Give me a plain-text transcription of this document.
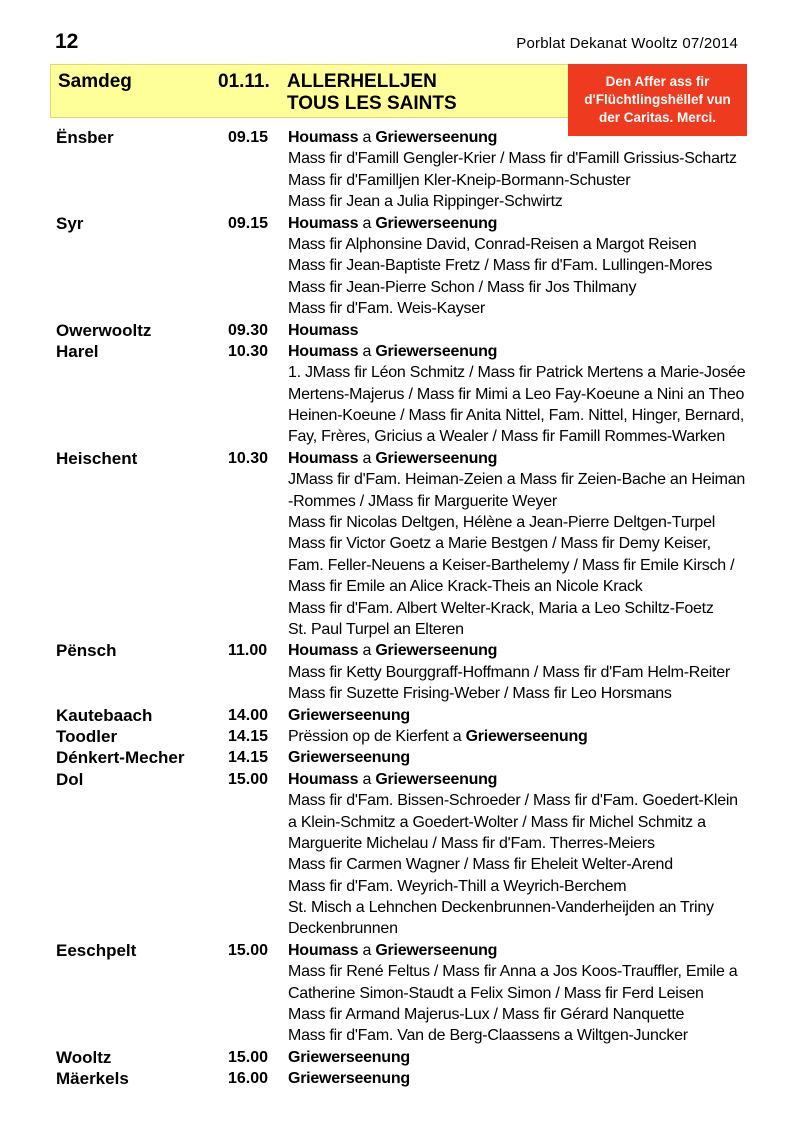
12	Porblat Dekanat Wooltz 07/2014
Samdeg	01.11. ALLERHELLJEN
TOUS LES SAINTS
Den Affer ass fir
d'Flüchtlingshëllef vun
der Caritas. Merci.
Ënsber	09.15	Houmass a Griewerseenung
Mass fir d'Famill Gengler-Krier / Mass fir d'Famill Grissius-Schartz
Mass fir d'Familljen Kler-Kneip-Bormann-Schuster
Mass fir Jean a Julia Rippinger-Schwirtz
Syr	09.15	Houmass a Griewerseenung
Mass fir Alphonsine David, Conrad-Reisen a Margot Reisen
Mass fir Jean-Baptiste Fretz / Mass fir d'Fam. Lullingen-Mores
Mass fir Jean-Pierre Schon / Mass fir Jos Thilmany
Mass fir d'Fam. Weis-Kayser
Owerwooltz	09.30	Houmass
Harel	10.30	Houmass a Griewerseenung
1. JMass fir Léon Schmitz / Mass fir Patrick Mertens a Marie-Josée
Mertens-Majerus / Mass fir Mimi a Leo Fay-Koeune a Nini an Theo
Heinen-Koeune / Mass fir Anita Nittel, Fam. Nittel, Hinger, Bernard,
Fay, Frères, Gricius a Wealer / Mass fir Famill Rommes-Warken
Heischent	10.30	Houmass a Griewerseenung
JMass fir d'Fam. Heiman-Zeien a Mass fir Zeien-Bache an Heiman
-Rommes / JMass fir Marguerite Weyer
Mass fir Nicolas Deltgen, Hélène a Jean-Pierre Deltgen-Turpel
Mass fir Victor Goetz a Marie Bestgen / Mass fir Demy Keiser,
Fam. Feller-Neuens a Keiser-Barthelemy / Mass fir Emile Kirsch /
Mass fir Emile an Alice Krack-Theis an Nicole Krack
Mass fir d'Fam. Albert Welter-Krack, Maria a Leo Schiltz-Foetz
St. Paul Turpel an Elteren
Pënsch	11.00	Houmass a Griewerseenung
Mass fir Ketty Bourggraff-Hoffmann / Mass fir d'Fam Helm-Reiter
Mass fir Suzette Frising-Weber / Mass fir Leo Horsmans
Kautebaach	14.00	Griewerseenung
Toodler	14.15	Prëssion op de Kierfent a Griewerseenung
Dénkert-Mecher	14.15	Griewerseenung
Dol	15.00	Houmass a Griewerseenung
Mass fir d'Fam. Bissen-Schroeder / Mass fir d'Fam. Goedert-Klein
a Klein-Schmitz a Goedert-Wolter / Mass fir Michel Schmitz a
Marguerite Michelau / Mass fir d'Fam. Therres-Meiers
Mass fir Carmen Wagner / Mass fir Eheleit Welter-Arend
Mass fir d'Fam. Weyrich-Thill a Weyrich-Berchem
St. Misch a Lehnchen Deckenbrunnen-Vanderheijden an Triny
Deckenbrunnen
Eeschpelt	15.00	Houmass a Griewerseenung
Mass fir René Feltus / Mass fir Anna a Jos Koos-Trauffler, Emile a
Catherine Simon-Staudt a Felix Simon / Mass fir Ferd Leisen
Mass fir Armand Majerus-Lux / Mass fir Gérard Nanquette
Mass fir d'Fam. Van de Berg-Claassens a Wiltgen-Juncker
Wooltz	15.00	Griewerseenung
Mäerkels	16.00	Griewerseenung
